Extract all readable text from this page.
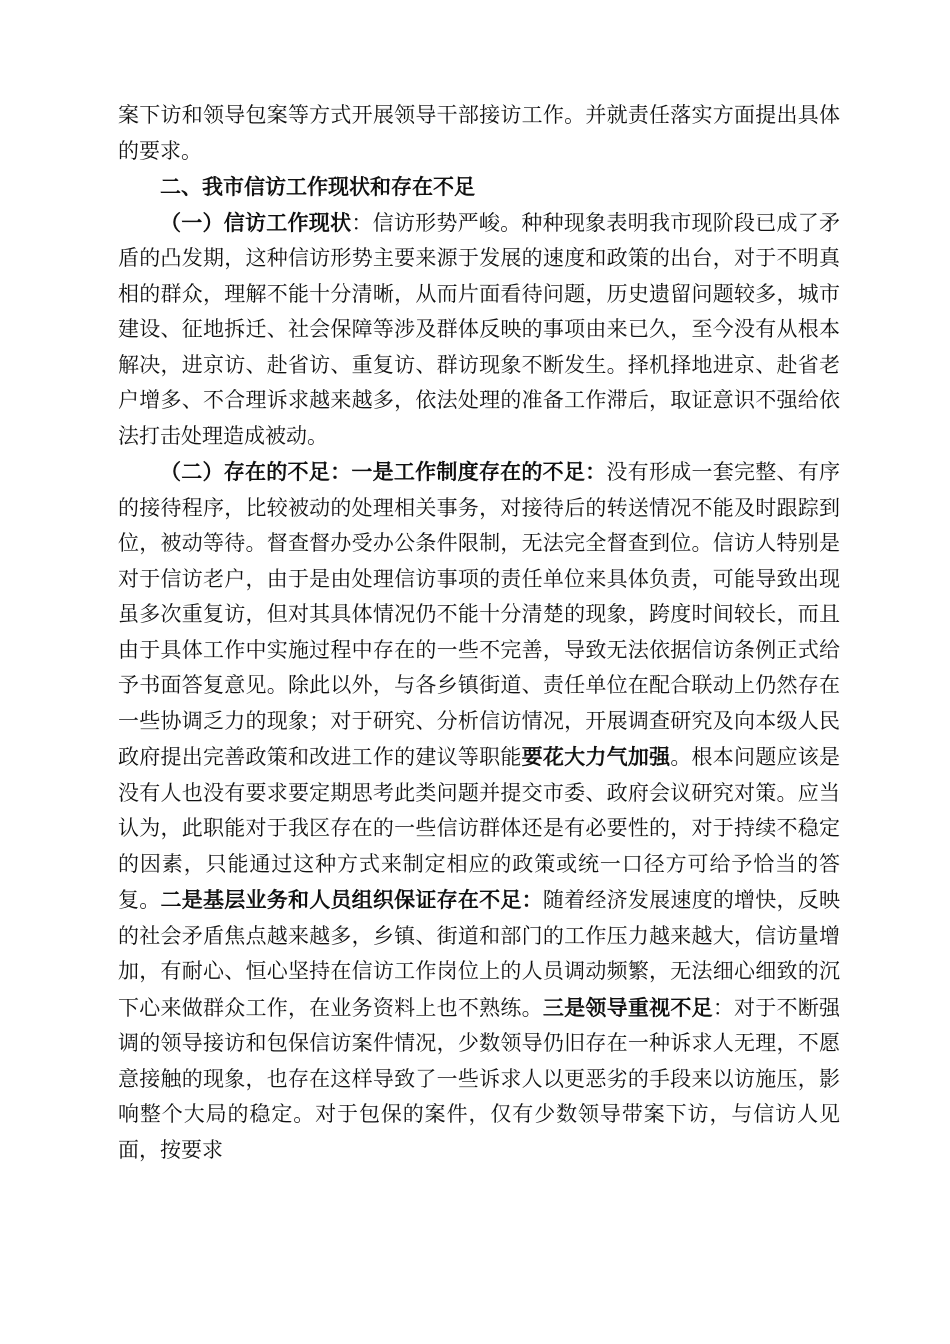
案下访和领导包案等方式开展领导干部接访工作。并就责任落实方面提出具体的要求。

二、我市信访工作现状和存在不足

（一）信访工作现状：信访形势严峻。种种现象表明我市现阶段已成了矛盾的凸发期，这种信访形势主要来源于发展的速度和政策的出台，对于不明真相的群众，理解不能十分清晰，从而片面看待问题，历史遗留问题较多，城市建设、征地拆迁、社会保障等涉及群体反映的事项由来已久，至今没有从根本解决，进京访、赴省访、重复访、群访现象不断发生。择机择地进京、赴省老户增多、不合理诉求越来越多，依法处理的准备工作滞后，取证意识不强给依法打击处理造成被动。

（二）存在的不足：一是工作制度存在的不足：没有形成一套完整、有序的接待程序，比较被动的处理相关事务，对接待后的转送情况不能及时跟踪到位，被动等待。督查督办受办公条件限制，无法完全督查到位。信访人特别是对于信访老户，由于是由处理信访事项的责任单位来具体负责，可能导致出现虽多次重复访，但对其具体情况仍不能十分清楚的现象，跨度时间较长，而且由于具体工作中实施过程中存在的一些不完善，导致无法依据信访条例正式给予书面答复意见。除此以外，与各乡镇街道、责任单位在配合联动上仍然存在一些协调乏力的现象；对于研究、分析信访情况，开展调查研究及向本级人民政府提出完善政策和改进工作的建议等职能要花大力气加强。根本问题应该是没有人也没有要求要定期思考此类问题并提交市委、政府会议研究对策。应当认为，此职能对于我区存在的一些信访群体还是有必要性的，对于持续不稳定的因素，只能通过这种方式来制定相应的政策或统一口径方可给予恰当的答复。二是基层业务和人员组织保证存在不足：随着经济发展速度的增快，反映的社会矛盾焦点越来越多，乡镇、街道和部门的工作压力越来越大，信访量增加，有耐心、恒心坚持在信访工作岗位上的人员调动频繁，无法细心细致的沉下心来做群众工作，在业务资料上也不熟练。三是领导重视不足：对于不断强调的领导接访和包保信访案件情况，少数领导仍旧存在一种诉求人无理，不愿意接触的现象，也存在这样导致了一些诉求人以更恶劣的手段来以访施压，影响整个大局的稳定。对于包保的案件，仅有少数领导带案下访，与信访人见面，按要求
